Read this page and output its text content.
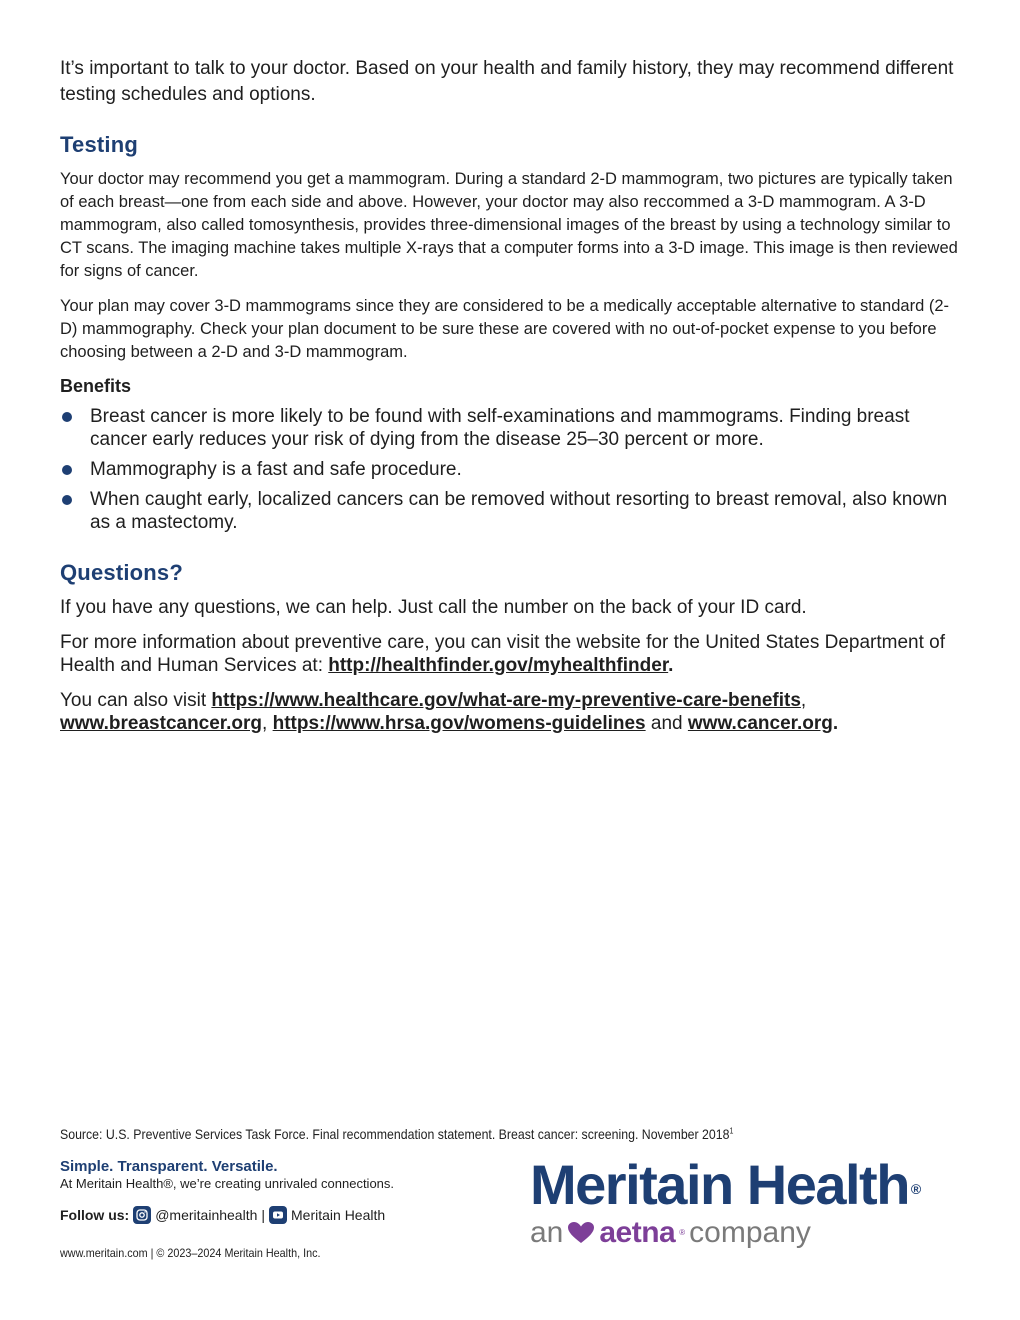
It’s important to talk to your doctor. Based on your health and family history, they may recommend different testing schedules and options.

Testing

Your doctor may recommend you get a mammogram. During a standard 2-D mammogram, two pictures are typically taken of each breast—one from each side and above. However, your doctor may also reccommed a 3-D mammogram. A 3-D mammogram, also called tomosynthesis, provides three-dimensional images of the breast by using a technology similar to CT scans. The imaging machine takes multiple X-rays that a computer forms into a 3-D image. This image is then reviewed for signs of cancer.

Your plan may cover 3-D mammograms since they are considered to be a medically acceptable alternative to standard (2-D) mammography. Check your plan document to be sure these are covered with no out-of-pocket expense to you before choosing between a 2-D and 3-D mammogram.

Benefits
Breast cancer is more likely to be found with self-examinations and mammograms. Finding breast cancer early reduces your risk of dying from the disease 25–30 percent or more.
Mammography is a fast and safe procedure.
When caught early, localized cancers can be removed without resorting to breast removal, also known as a mastectomy.
Questions?

If you have any questions, we can help. Just call the number on the back of your ID card.

For more information about preventive care, you can visit the website for the United States Department of Health and Human Services at: http://healthfinder.gov/myhealthfinder.

You can also visit https://www.healthcare.gov/what-are-my-preventive-care-benefits, www.breastcancer.org, https://www.hrsa.gov/womens-guidelines and www.cancer.org.

Source: U.S. Preventive Services Task Force. Final recommendation statement. Breast cancer: screening. November 2018$^1$

Simple. Transparent. Versatile.
At Meritain Health®, we’re creating unrivaled connections.
Follow us: @meritainhealth | Meritain Health
www.meritain.com | © 2023–2024 Meritain Health, Inc.
Meritain Health ®
an aetna ® company
